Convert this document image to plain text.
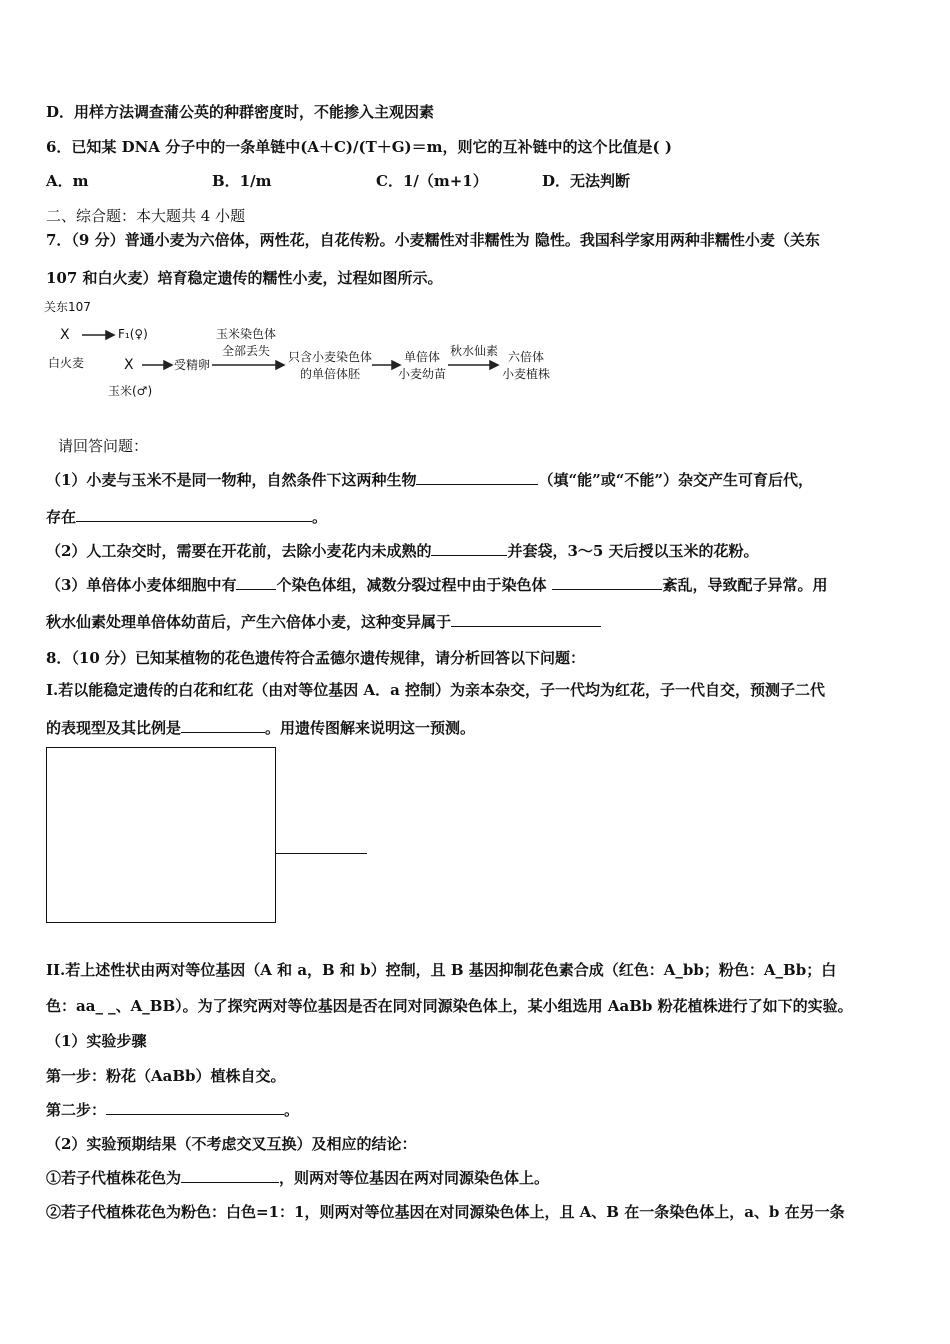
D．用样方法调查蒲公英的种群密度时，不能掺入主观因素
6．已知某 DNA 分子中的一条单链中(A＋C)/(T＋G)＝m，则它的互补链中的这个比值是( )
A．m	B．1/m	C．1/（m+1）	D．无法判断
二、综合题：本大题共 4 小题
7．（9 分）普通小麦为六倍体，两性花，自花传粉。小麦糯性对非糯性为 隐性。我国科学家用两种非糯性小麦（关东
107 和白火麦）培育稳定遗传的糯性小麦，过程如图所示。
关东107
X	F₁(♀)
白火麦	X	受精卵
玉米染色体
全部丢失 只含小麦染色体
的单倍体胚
单倍体
小麦幼苗
秋水仙素 六倍体
小麦植株
玉米(♂)
请回答问题：
（1）小麦与玉米不是同一物种，自然条件下这两种生物	（填“能”或“不能”）杂交产生可育后代，
存在	。
（2）人工杂交时，需要在开花前，去除小麦花内未成熟的	并套袋，3～5 天后授以玉米的花粉。
（3）单倍体小麦体细胞中有	个染色体组，减数分裂过程中由于染色体	紊乱，导致配子异常。用
秋水仙素处理单倍体幼苗后，产生六倍体小麦，这种变异属于
8．（10 分）已知某植物的花色遗传符合孟德尔遗传规律，请分析回答以下问题：
I.若以能稳定遗传的白花和红花（由对等位基因 A．a 控制）为亲本杂交，子一代均为红花，子一代自交，预测子二代
的表现型及其比例是	。用遗传图解来说明这一预测。
II.若上述性状由两对等位基因（A 和 a，B 和 b）控制，且 B 基因抑制花色素合成（红色：A_bb；粉色：A_Bb；白
色：aa_ _、A_BB）。为了探究两对等位基因是否在同对同源染色体上，某小组选用 AaBb 粉花植株进行了如下的实验。
（1）实验步骤
第一步：粉花（AaBb）植株自交。
第二步：	。
（2）实验预期结果（不考虑交叉互换）及相应的结论：
①若子代植株花色为	，则两对等位基因在两对同源染色体上。
②若子代植株花色为粉色：白色=1：1，则两对等位基因在对同源染色体上，且 A、B 在一条染色体上，a、b 在另一条
